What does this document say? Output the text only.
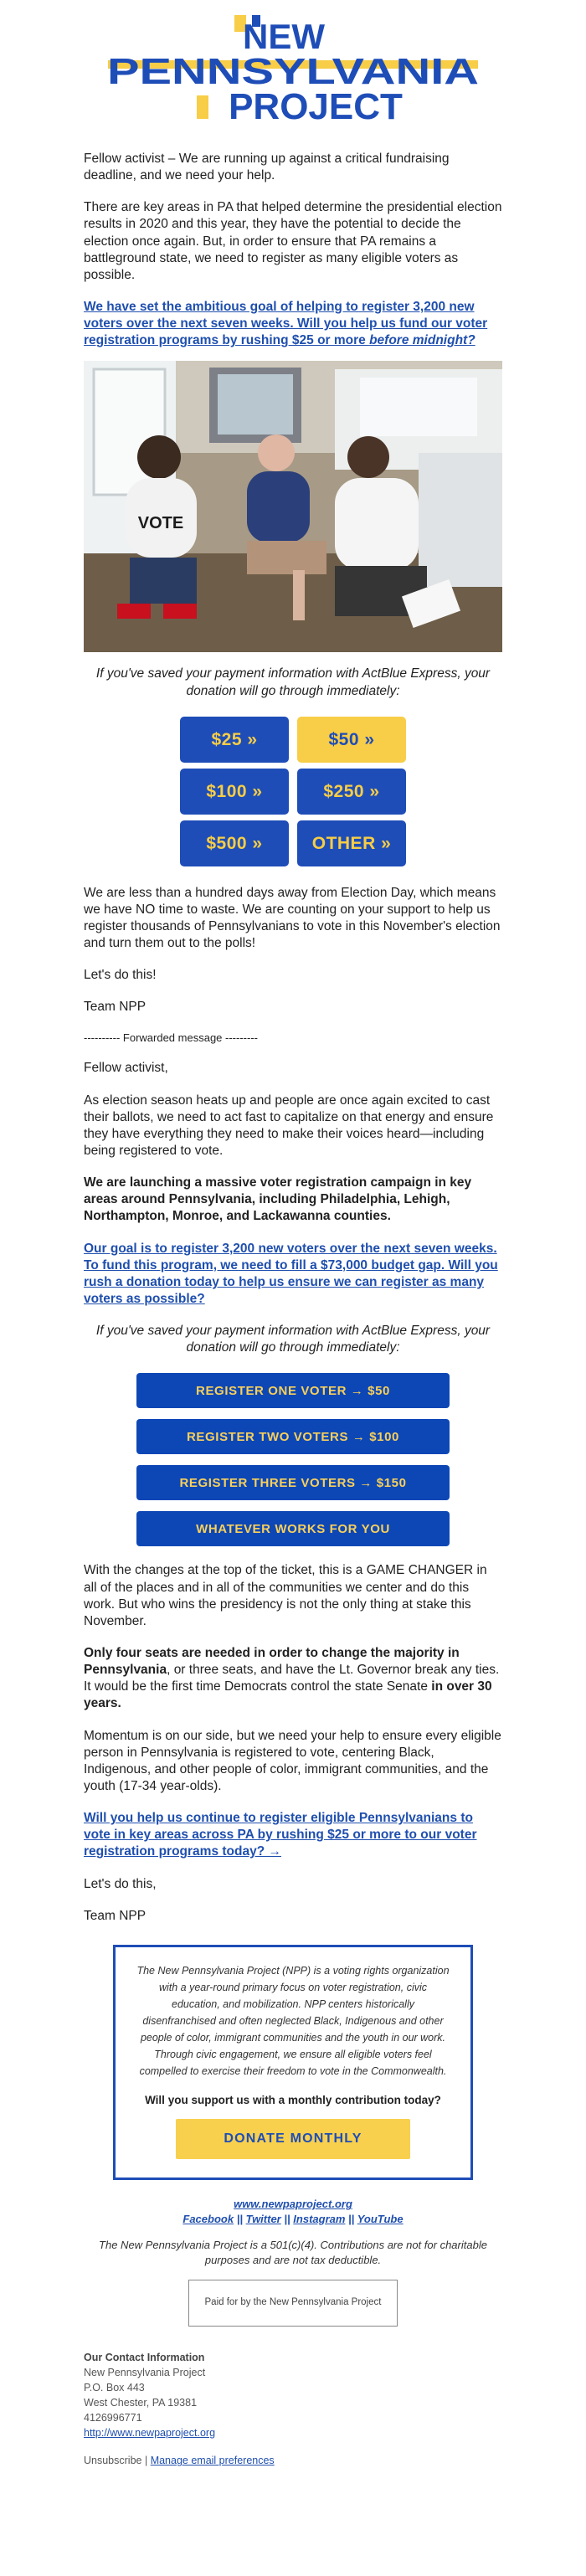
NEW
PENNSYLVANIA
PROJECT

Fellow activist – We are running up against a critical fundraising deadline, and we need your help.

There are key areas in PA that helped determine the presidential election results in 2020 and this year, they have the potential to decide the election once again. But, in order to ensure that PA remains a battleground state, we need to register as many eligible voters as possible.

We have set the ambitious goal of helping to register 3,200 new voters over the next seven weeks. Will you help us fund our voter registration programs by rushing $25 or more before midnight?

VOTE

If you've saved your payment information with ActBlue Express, your donation will go through immediately:

$25 »	$50 »
$100 »	$250 »
$500 »	OTHER »

We are less than a hundred days away from Election Day, which means we have NO time to waste. We are counting on your support to help us register thousands of Pennsylvanians to vote in this November's election and turn them out to the polls!

Let's do this!

Team NPP

---------- Forwarded message ---------

Fellow activist,

As election season heats up and people are once again excited to cast their ballots, we need to act fast to capitalize on that energy and ensure they have everything they need to make their voices heard—including being registered to vote.

We are launching a massive voter registration campaign in key areas around Pennsylvania, including Philadelphia, Lehigh, Northampton, Monroe, and Lackawanna counties.

Our goal is to register 3,200 new voters over the next seven weeks. To fund this program, we need to fill a $73,000 budget gap. Will you rush a donation today to help us ensure we can register as many voters as possible?

If you've saved your payment information with ActBlue Express, your donation will go through immediately:

REGISTER ONE VOTER → $50
REGISTER TWO VOTERS → $100
REGISTER THREE VOTERS → $150
WHATEVER WORKS FOR YOU

With the changes at the top of the ticket, this is a GAME CHANGER in all of the places and in all of the communities we center and do this work. But who wins the presidency is not the only thing at stake this November.

Only four seats are needed in order to change the majority in Pennsylvania, or three seats, and have the Lt. Governor break any ties. It would be the first time Democrats control the state Senate in over 30 years.

Momentum is on our side, but we need your help to ensure every eligible person in Pennsylvania is registered to vote, centering Black, Indigenous, and other people of color, immigrant communities, and the youth (17-34 year-olds).

Will you help us continue to register eligible Pennsylvanians to vote in key areas across PA by rushing $25 or more to our voter registration programs today? →

Let's do this,

Team NPP

The New Pennsylvania Project (NPP) is a voting rights organization with a year-round primary focus on voter registration, civic education, and mobilization. NPP centers historically disenfranchised and often neglected Black, Indigenous and other people of color, immigrant communities and the youth in our work. Through civic engagement, we ensure all eligible voters feel compelled to exercise their freedom to vote in the Commonwealth.

Will you support us with a monthly contribution today?

DONATE MONTHLY
www.newpaproject.org
Facebook || Twitter || Instagram || YouTube

The New Pennsylvania Project is a 501(c)(4). Contributions are not for charitable purposes and are not tax deductible.

Paid for by the New Pennsylvania Project
Our Contact Information
New Pennsylvania Project
P.O. Box 443
West Chester, PA 19381
4126996771
http://www.newpaproject.org
Unsubscribe | Manage email preferences
